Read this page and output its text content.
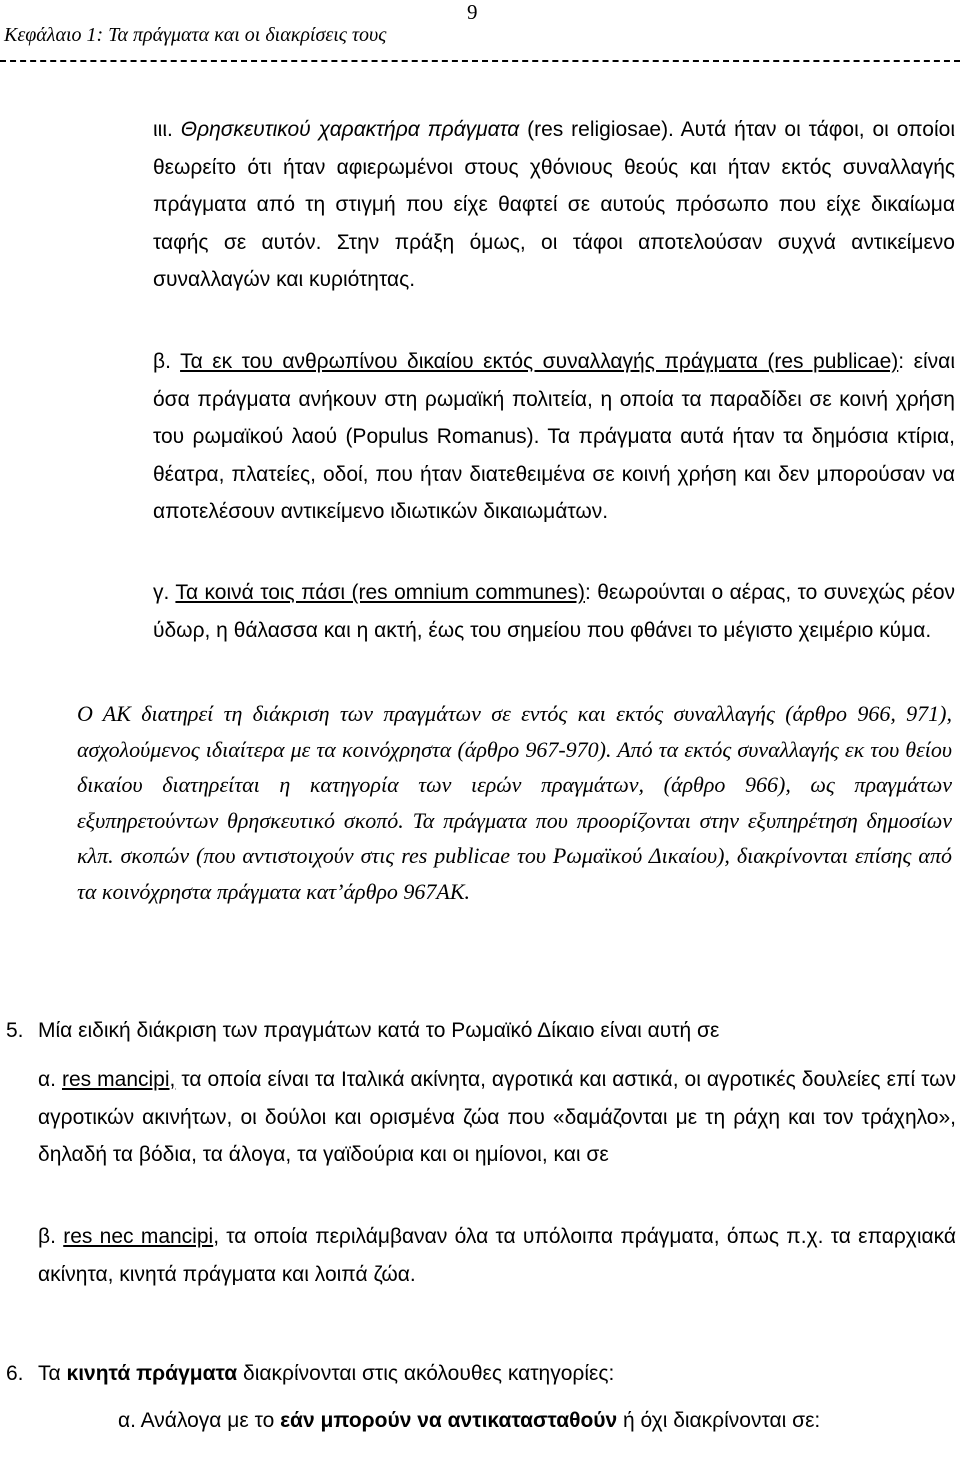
Κεφάλαιο 1: Τα πράγματα και οι διακρίσεις τους
9

ιιι. Θρησκευτικού χαρακτήρα πράγματα (res religiosae). Αυτά ήταν οι τάφοι, οι οποίοι θεωρείτο ότι ήταν αφιερωμένοι στους χθόνιους θεούς και ήταν εκτός συναλλαγής πράγματα από τη στιγμή που είχε θαφτεί σε αυτούς πρόσωπο που είχε δικαίωμα ταφής σε αυτόν. Στην πράξη όμως, οι τάφοι αποτελούσαν συχνά αντικείμενο συναλλαγών και κυριότητας.

β. Τα εκ του ανθρωπίνου δικαίου εκτός συναλλαγής πράγματα (res publicae): είναι όσα πράγματα ανήκουν στη ρωμαϊκή πολιτεία, η οποία τα παραδίδει σε κοινή χρήση του ρωμαϊκού λαού (Populus Romanus). Τα πράγματα αυτά ήταν τα δημόσια κτίρια, θέατρα, πλατείες, οδοί, που ήταν διατεθειμένα σε κοινή χρήση και δεν μπορούσαν να αποτελέσουν αντικείμενο ιδιωτικών δικαιωμάτων.

γ. Τα κοινά τοις πάσι (res omnium communes): θεωρούνται ο αέρας, το συνεχώς ρέον ύδωρ, η θάλασσα και η ακτή, έως του σημείου που φθάνει το μέγιστο χειμέριο κύμα.

Ο ΑΚ διατηρεί τη διάκριση των πραγμάτων σε εντός και εκτός συναλλαγής (άρθρο 966, 971), ασχολούμενος ιδιαίτερα με τα κοινόχρηστα (άρθρο 967-970). Από τα εκτός συναλλαγής εκ του θείου δικαίου διατηρείται η κατηγορία των ιερών πραγμάτων, (άρθρο 966), ως πραγμάτων εξυπηρετούντων θρησκευτικό σκοπό. Τα πράγματα που προορίζονται στην εξυπηρέτηση δημοσίων κλπ. σκοπών (που αντιστοιχούν στις res publicae του Ρωμαϊκού Δικαίου), διακρίνονται επίσης από τα κοινόχρηστα πράγματα κατ’άρθρο 967ΑΚ.

5. Μία ειδική διάκριση των πραγμάτων κατά το Ρωμαϊκό Δίκαιο είναι αυτή σε

α. res mancipi, τα οποία είναι τα Ιταλικά ακίνητα, αγροτικά και αστικά, οι αγροτικές δουλείες επί των αγροτικών ακινήτων, οι δούλοι και ορισμένα ζώα που «δαμάζονται με τη ράχη και τον τράχηλο», δηλαδή τα βόδια, τα άλογα, τα γαϊδούρια και οι ημίονοι, και σε

β. res nec mancipi, τα οποία περιλάμβαναν όλα τα υπόλοιπα πράγματα, όπως π.χ. τα επαρχιακά ακίνητα, κινητά πράγματα και λοιπά ζώα.

6. Τα κινητά πράγματα διακρίνονται στις ακόλουθες κατηγορίες:

α. Ανάλογα με το εάν μπορούν να αντικατασταθούν ή όχι διακρίνονται σε:
